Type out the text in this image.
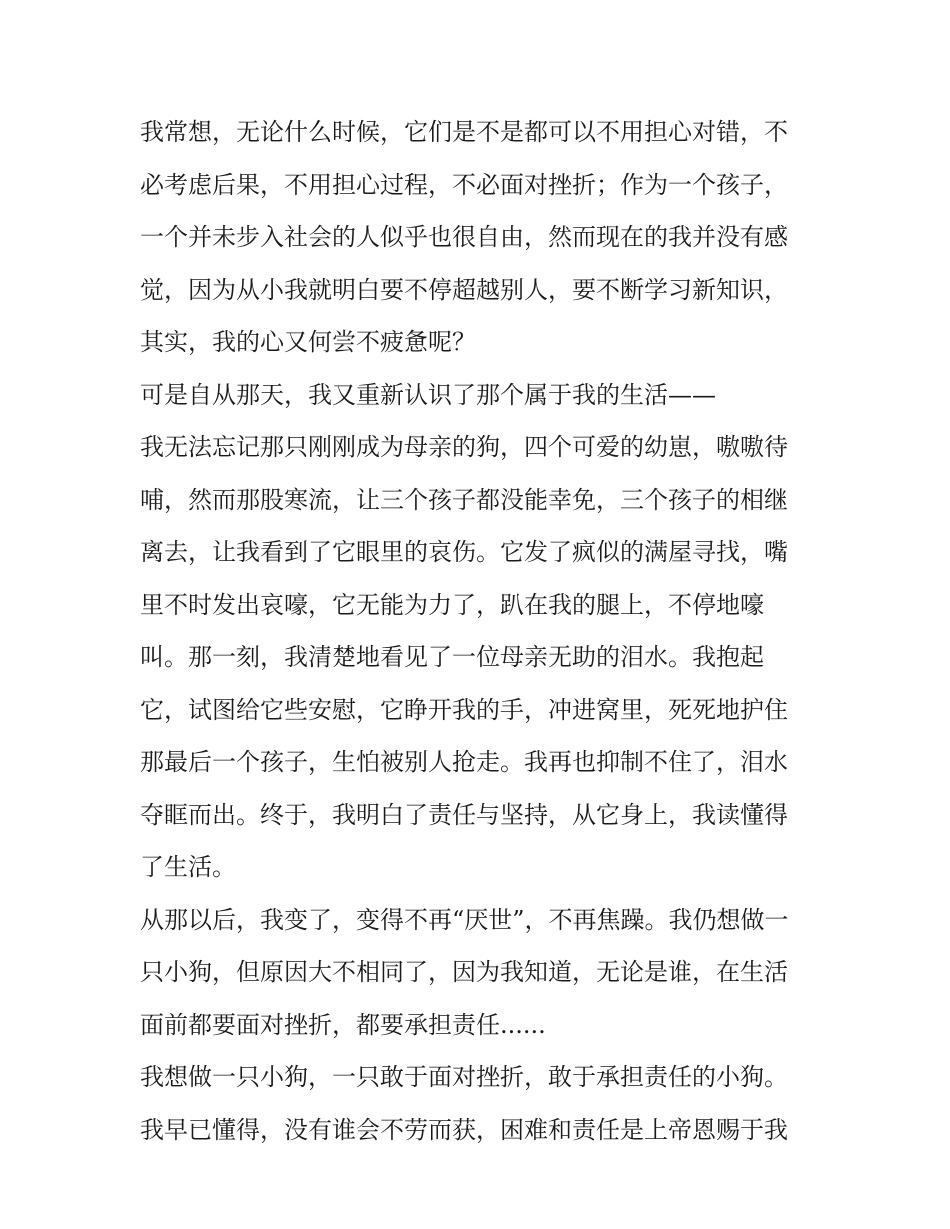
我常想，无论什么时候，它们是不是都可以不用担心对错，不
必考虑后果，不用担心过程，不必面对挫折；作为一个孩子，
一个并未步入社会的人似乎也很自由，然而现在的我并没有感
觉，因为从小我就明白要不停超越别人，要不断学习新知识，
其实，我的心又何尝不疲惫呢？
可是自从那天，我又重新认识了那个属于我的生活——
我无法忘记那只刚刚成为母亲的狗，四个可爱的幼崽，嗷嗷待
哺，然而那股寒流，让三个孩子都没能幸免，三个孩子的相继
离去，让我看到了它眼里的哀伤。它发了疯似的满屋寻找，嘴
里不时发出哀嚎，它无能为力了，趴在我的腿上，不停地嚎
叫。那一刻，我清楚地看见了一位母亲无助的泪水。我抱起
它，试图给它些安慰，它睁开我的手，冲进窝里，死死地护住
那最后一个孩子，生怕被别人抢走。我再也抑制不住了，泪水
夺眶而出。终于，我明白了责任与坚持，从它身上，我读懂得
了生活。
从那以后，我变了，变得不再“厌世”，不再焦躁。我仍想做一
只小狗，但原因大不相同了，因为我知道，无论是谁，在生活
面前都要面对挫折，都要承担责任......
我想做一只小狗，一只敢于面对挫折，敢于承担责任的小狗。
我早已懂得，没有谁会不劳而获，困难和责任是上帝恩赐于我
